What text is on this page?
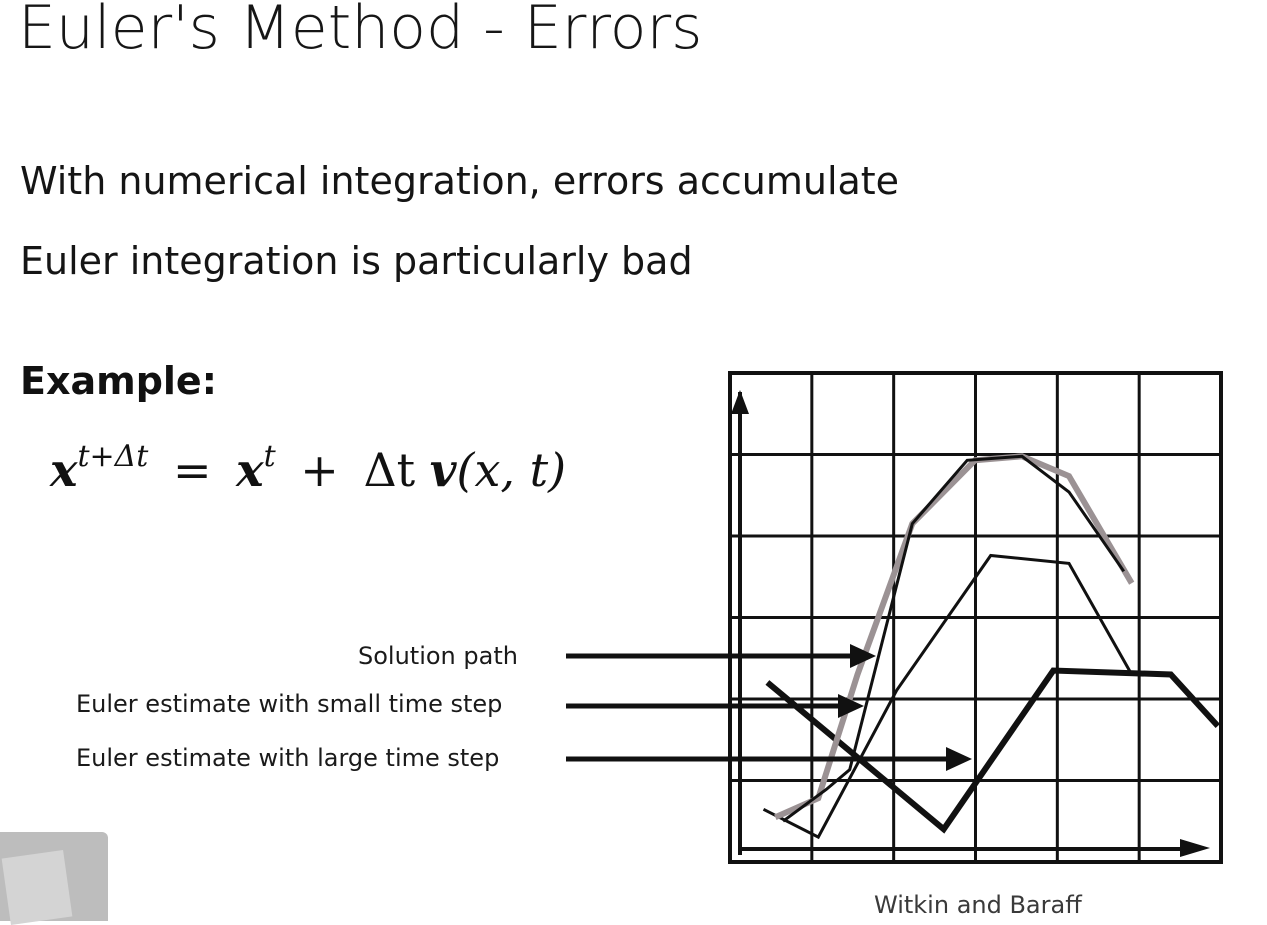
Euler's Method - Errors
With numerical integration, errors accumulate
Euler integration is particularly bad
Example:
$x^{t+\Delta t} = x^t + \Delta t$ v(x, t)
Solution path
Euler estimate with small time step
Euler estimate with large time step
Witkin and Baraff
